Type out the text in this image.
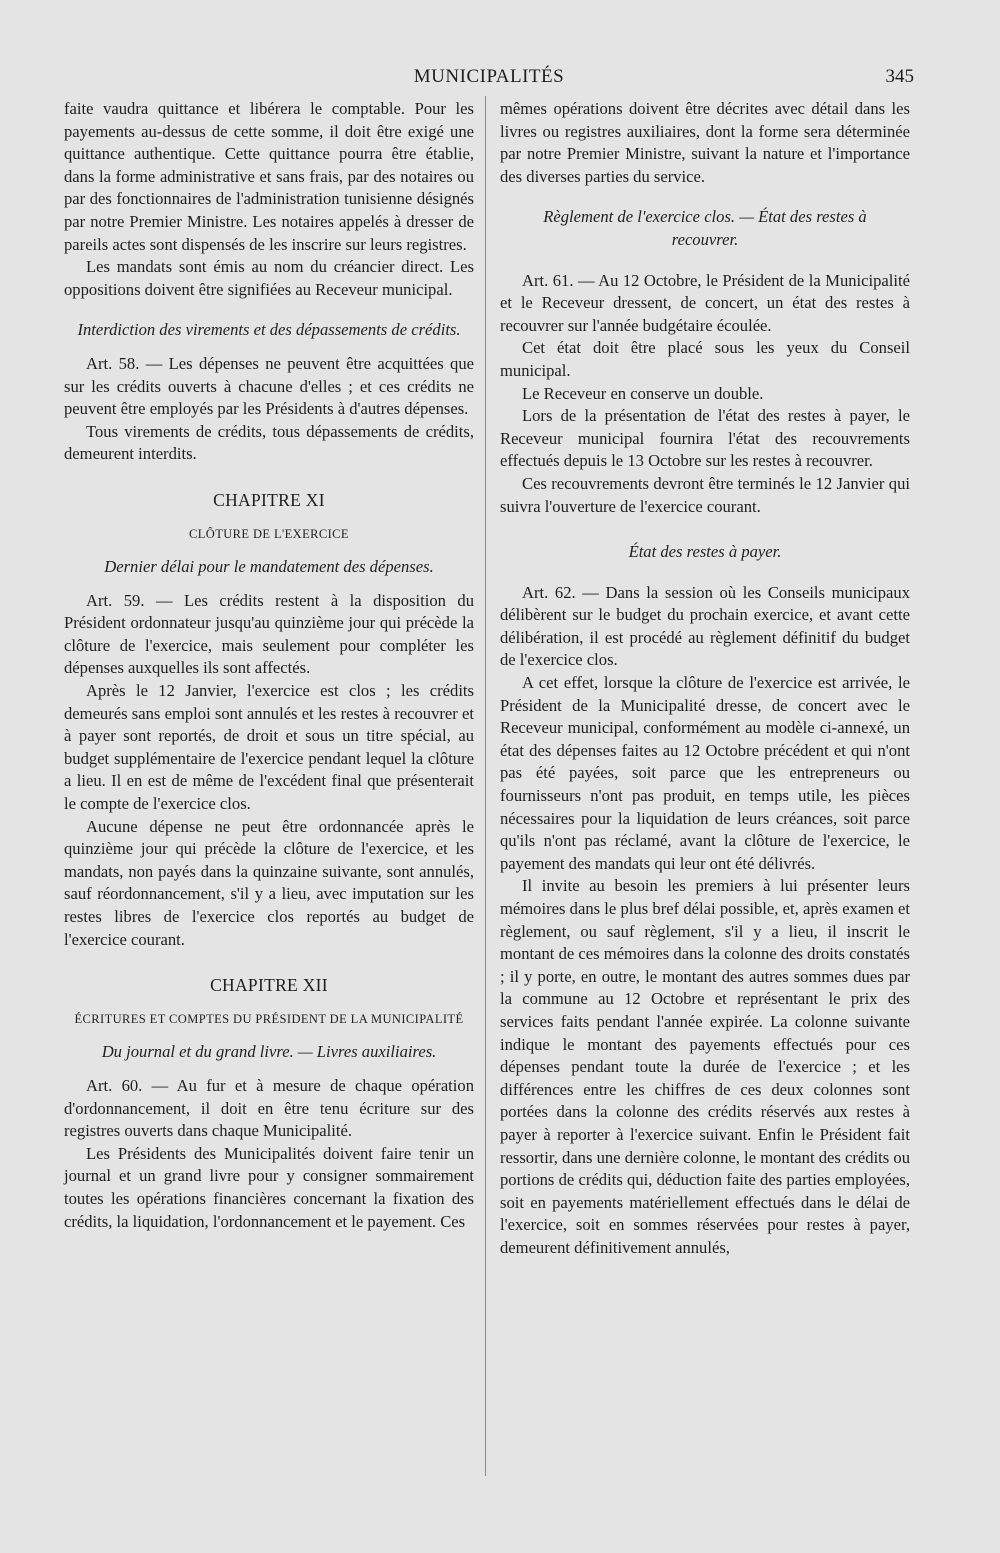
MUNICIPALITÉS	345

faite vaudra quittance et libérera le comptable. Pour les payements au-dessus de cette somme, il doit être exigé une quittance authentique. Cette quittance pourra être établie, dans la forme administrative et sans frais, par des notaires ou par des fonctionnaires de l'administration tunisienne désignés par notre Premier Ministre. Les notaires appelés à dresser de pareils actes sont dispensés de les inscrire sur leurs registres.

Les mandats sont émis au nom du créancier direct. Les oppositions doivent être signifiées au Receveur municipal.

Interdiction des virements et des dépassements de crédits.

Art. 58. — Les dépenses ne peuvent être acquittées que sur les crédits ouverts à chacune d'elles ; et ces crédits ne peuvent être employés par les Présidents à d'autres dépenses.

Tous virements de crédits, tous dépassements de crédits, demeurent interdits.

CHAPITRE XI
CLÔTURE DE L'EXERCICE
Dernier délai pour le mandatement des dépenses.

Art. 59. — Les crédits restent à la disposition du Président ordonnateur jusqu'au quinzième jour qui précède la clôture de l'exercice, mais seulement pour compléter les dépenses auxquelles ils sont affectés.

Après le 12 Janvier, l'exercice est clos ; les crédits demeurés sans emploi sont annulés et les restes à recouvrer et à payer sont reportés, de droit et sous un titre spécial, au budget supplémentaire de l'exercice pendant lequel la clôture a lieu. Il en est de même de l'excédent final que présenterait le compte de l'exercice clos.

Aucune dépense ne peut être ordonnancée après le quinzième jour qui précède la clôture de l'exercice, et les mandats, non payés dans la quinzaine suivante, sont annulés, sauf réordonnancement, s'il y a lieu, avec imputation sur les restes libres de l'exercice clos reportés au budget de l'exercice courant.

CHAPITRE XII
ÉCRITURES ET COMPTES DU PRÉSIDENT DE LA MUNICIPALITÉ
Du journal et du grand livre. — Livres auxiliaires.

Art. 60. — Au fur et à mesure de chaque opération d'ordonnancement, il doit en être tenu écriture sur des registres ouverts dans chaque Municipalité.

Les Présidents des Municipalités doivent faire tenir un journal et un grand livre pour y consigner sommairement toutes les opérations financières concernant la fixation des crédits, la liquidation, l'ordonnancement et le payement. Ces

mêmes opérations doivent être décrites avec détail dans les livres ou registres auxiliaires, dont la forme sera déterminée par notre Premier Ministre, suivant la nature et l'importance des diverses parties du service.

Règlement de l'exercice clos. — État des restes à recouvrer.

Art. 61. — Au 12 Octobre, le Président de la Municipalité et le Receveur dressent, de concert, un état des restes à recouvrer sur l'année budgétaire écoulée.

Cet état doit être placé sous les yeux du Conseil municipal.

Le Receveur en conserve un double.

Lors de la présentation de l'état des restes à payer, le Receveur municipal fournira l'état des recouvrements effectués depuis le 13 Octobre sur les restes à recouvrer.

Ces recouvrements devront être terminés le 12 Janvier qui suivra l'ouverture de l'exercice courant.

État des restes à payer.

Art. 62. — Dans la session où les Conseils municipaux délibèrent sur le budget du prochain exercice, et avant cette délibération, il est procédé au règlement définitif du budget de l'exercice clos.

A cet effet, lorsque la clôture de l'exercice est arrivée, le Président de la Municipalité dresse, de concert avec le Receveur municipal, conformément au modèle ci-annexé, un état des dépenses faites au 12 Octobre précédent et qui n'ont pas été payées, soit parce que les entrepreneurs ou fournisseurs n'ont pas produit, en temps utile, les pièces nécessaires pour la liquidation de leurs créances, soit parce qu'ils n'ont pas réclamé, avant la clôture de l'exercice, le payement des mandats qui leur ont été délivrés.

Il invite au besoin les premiers à lui présenter leurs mémoires dans le plus bref délai possible, et, après examen et règlement, ou sauf règlement, s'il y a lieu, il inscrit le montant de ces mémoires dans la colonne des droits constatés ; il y porte, en outre, le montant des autres sommes dues par la commune au 12 Octobre et représentant le prix des services faits pendant l'année expirée. La colonne suivante indique le montant des payements effectués pour ces dépenses pendant toute la durée de l'exercice ; et les différences entre les chiffres de ces deux colonnes sont portées dans la colonne des crédits réservés aux restes à payer à reporter à l'exercice suivant. Enfin le Président fait ressortir, dans une dernière colonne, le montant des crédits ou portions de crédits qui, déduction faite des parties employées, soit en payements matériellement effectués dans le délai de l'exercice, soit en sommes réservées pour restes à payer, demeurent définitivement annulés,
